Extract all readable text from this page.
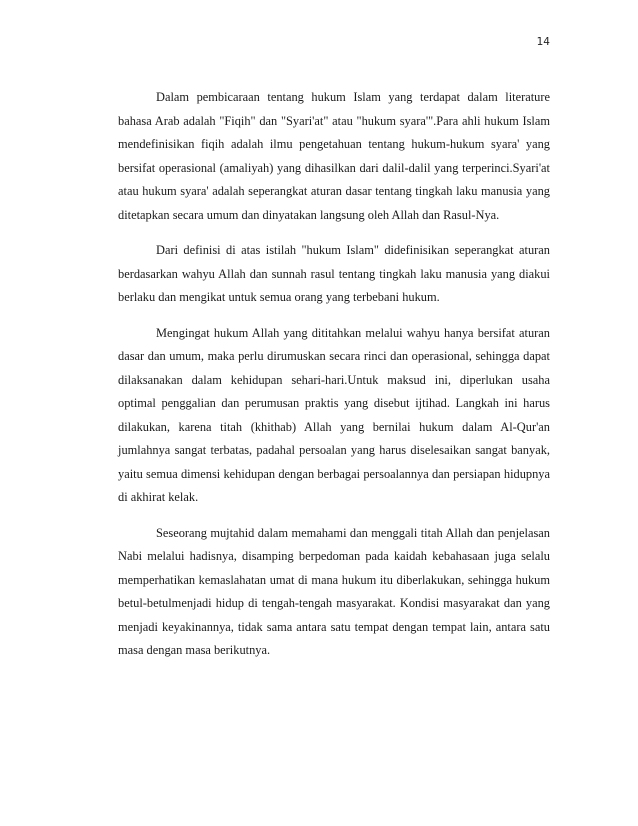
14

Dalam pembicaraan tentang hukum Islam yang terdapat dalam literature bahasa Arab adalah "Fiqih" dan "Syari'at" atau "hukum syara'".Para ahli hukum Islam mendefinisikan fiqih adalah ilmu pengetahuan tentang hukum-hukum syara' yang bersifat operasional (amaliyah) yang dihasilkan dari dalil-dalil yang terperinci.Syari'at atau hukum syara' adalah seperangkat aturan dasar tentang tingkah laku manusia yang ditetapkan secara umum dan dinyatakan langsung oleh Allah dan Rasul-Nya.

Dari definisi di atas istilah "hukum Islam" didefinisikan seperangkat aturan berdasarkan wahyu Allah dan sunnah rasul tentang tingkah laku manusia yang diakui berlaku dan mengikat untuk semua orang yang terbebani hukum.

Mengingat hukum Allah yang dititahkan melalui wahyu hanya bersifat aturan dasar dan umum, maka perlu dirumuskan secara rinci dan operasional, sehingga dapat dilaksanakan dalam kehidupan sehari-hari.Untuk maksud ini, diperlukan usaha optimal penggalian dan perumusan praktis yang disebut ijtihad. Langkah ini harus dilakukan, karena titah (khithab) Allah yang bernilai hukum dalam Al-Qur'an jumlahnya sangat terbatas, padahal persoalan yang harus diselesaikan sangat banyak, yaitu semua dimensi kehidupan dengan berbagai persoalannya dan persiapan hidupnya di akhirat kelak.

Seseorang mujtahid dalam memahami dan menggali titah Allah dan penjelasan Nabi melalui hadisnya, disamping berpedoman pada kaidah kebahasaan juga selalu memperhatikan kemaslahatan umat di mana hukum itu diberlakukan, sehingga hukum betul-betulmenjadi hidup di tengah-tengah masyarakat. Kondisi masyarakat dan yang menjadi keyakinannya, tidak sama antara satu tempat dengan tempat lain, antara satu masa dengan masa berikutnya.
